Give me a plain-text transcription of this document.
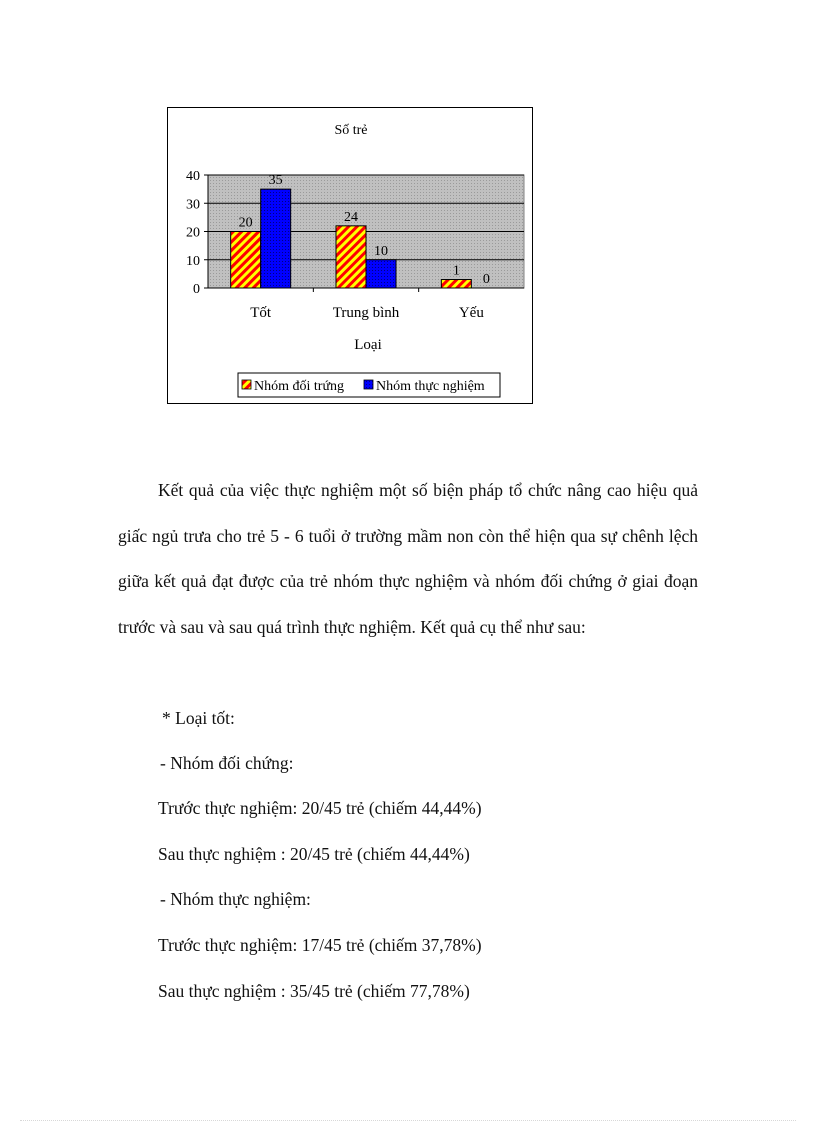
Số trẻ
0
10
20
30
40
Tốt
20
35
Trung bình
24
10
Yếu
1
0
Loại
Nhóm đối trứng Nhóm thực nghiệm

Kết quả của việc thực nghiệm một số biện pháp tổ chức nâng cao hiệu quả giấc ngủ trưa cho trẻ 5 - 6 tuổi ở trường mầm non còn thể hiện qua sự chênh lệch giữa kết quả đạt được của trẻ nhóm thực nghiệm và nhóm đối chứng ở giai đoạn trước và sau và sau quá trình thực nghiệm. Kết quả cụ thể như sau:

* Loại tốt:

- Nhóm đối chứng:

Trước thực nghiệm: 20/45 trẻ (chiếm 44,44%)

Sau thực nghiệm : 20/45 trẻ (chiếm 44,44%)

- Nhóm thực nghiệm:

Trước thực nghiệm: 17/45 trẻ (chiếm 37,78%)

Sau thực nghiệm : 35/45 trẻ (chiếm 77,78%)
